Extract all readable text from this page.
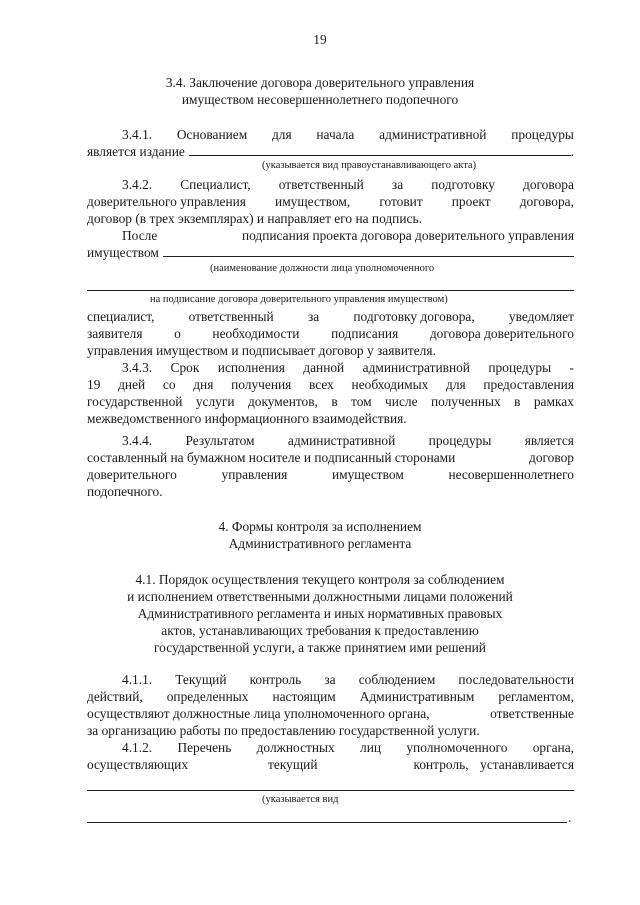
19
3.4. Заключение договора доверительного управления
имуществом несовершеннолетнего подопечного
3.4.1. Основанием для начала административной процедуры
является издание	.
(указывается вид правоустанавливающего акта)
3.4.2. Специалист, ответственный за подготовку договора
доверительного управления имуществом, готовит проект договора,
договор (в трех экземплярах) и направляет его на подпись.
После	подписания проекта договора доверительного управления
имуществом
(наименование должности лица уполномоченного
на подписание договора доверительного управления имуществом)
специалист,	ответственный	за	подготовку договора,	уведомляет
заявителя о необходимости подписания договора доверительного
управления имуществом и подписывает договор у заявителя.
3.4.3. Срок исполнения данной административной процедуры -
19 дней со дня получения всех необходимых для предоставления
государственной услуги документов, в том числе полученных в рамках
межведомственного информационного взаимодействия.
3.4.4. Результатом административной процедуры является
составленный на бумажном носителе и подписанный сторонами	договор
доверительного	управления	имуществом	несовершеннолетнего
подопечного.
4. Формы контроля за исполнением
Административного регламента
4.1. Порядок осуществления текущего контроля за соблюдением
и исполнением ответственными должностными лицами положений
Административного регламента и иных нормативных правовых
актов, устанавливающих требования к предоставлению
государственной услуги, а также принятием ими решений
4.1.1. Текущий контроль за соблюдением последовательности
действий, определенных настоящим Административным регламентом,
осуществляют должностные лица уполномоченного органа,	ответственные
за организацию работы по предоставлению государственной услуги.
4.1.2. Перечень должностных лиц уполномоченного органа,
осуществляющих	текущий	контроль, устанавливается
(указывается вид
.
